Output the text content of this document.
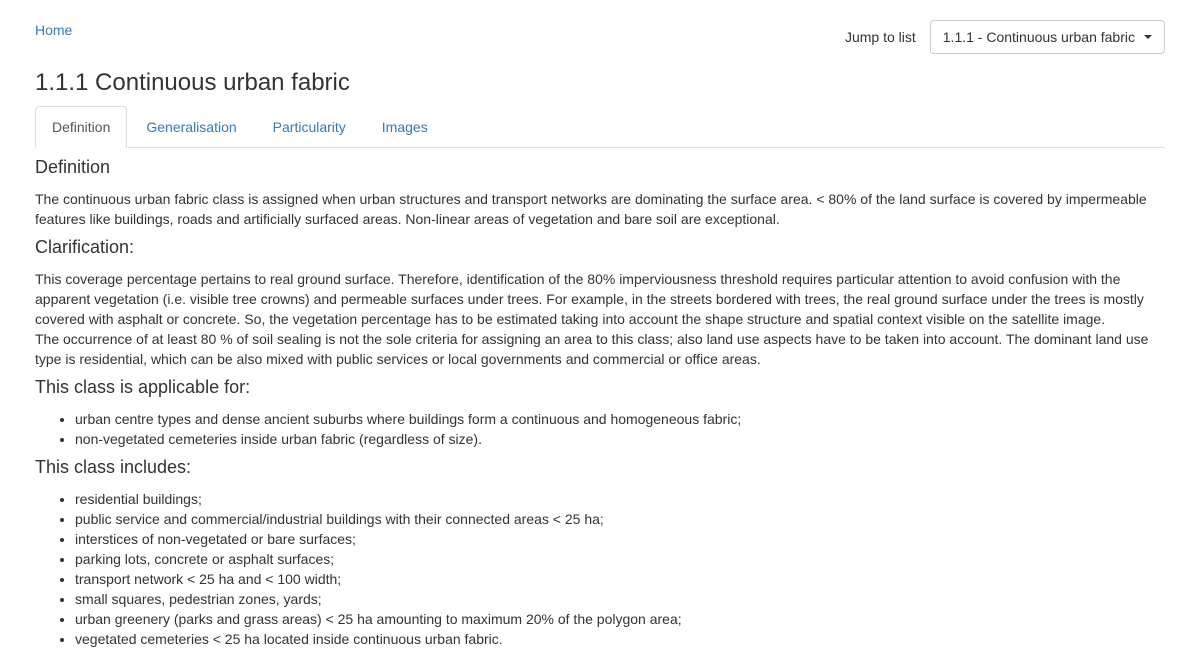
Home	Jump to list 1.1.1 - Continuous urban fabric
1.1.1 Continuous urban fabric
Definition	Generalisation	Particularity	Images
Definition

The continuous urban fabric class is assigned when urban structures and transport networks are dominating the surface area. < 80% of the land surface is covered by impermeable features like buildings, roads and artificially surfaced areas. Non-linear areas of vegetation and bare soil are exceptional.

Clarification:

This coverage percentage pertains to real ground surface. Therefore, identification of the 80% imperviousness threshold requires particular attention to avoid confusion with the apparent vegetation (i.e. visible tree crowns) and permeable surfaces under trees. For example, in the streets bordered with trees, the real ground surface under the trees is mostly covered with asphalt or concrete. So, the vegetation percentage has to be estimated taking into account the shape structure and spatial context visible on the satellite image.

The occurrence of at least 80 % of soil sealing is not the sole criteria for assigning an area to this class; also land use aspects have to be taken into account. The dominant land use type is residential, which can be also mixed with public services or local governments and commercial or office areas.

This class is applicable for:
• urban centre types and dense ancient suburbs where buildings form a continuous and homogeneous fabric;
• non-vegetated cemeteries inside urban fabric (regardless of size).
This class includes:
• residential buildings;
• public service and commercial/industrial buildings with their connected areas < 25 ha;
• interstices of non-vegetated or bare surfaces;
• parking lots, concrete or asphalt surfaces;
• transport network < 25 ha and < 100 width;
• small squares, pedestrian zones, yards;
• urban greenery (parks and grass areas) < 25 ha amounting to maximum 20% of the polygon area;
• vegetated cemeteries < 25 ha located inside continuous urban fabric.
